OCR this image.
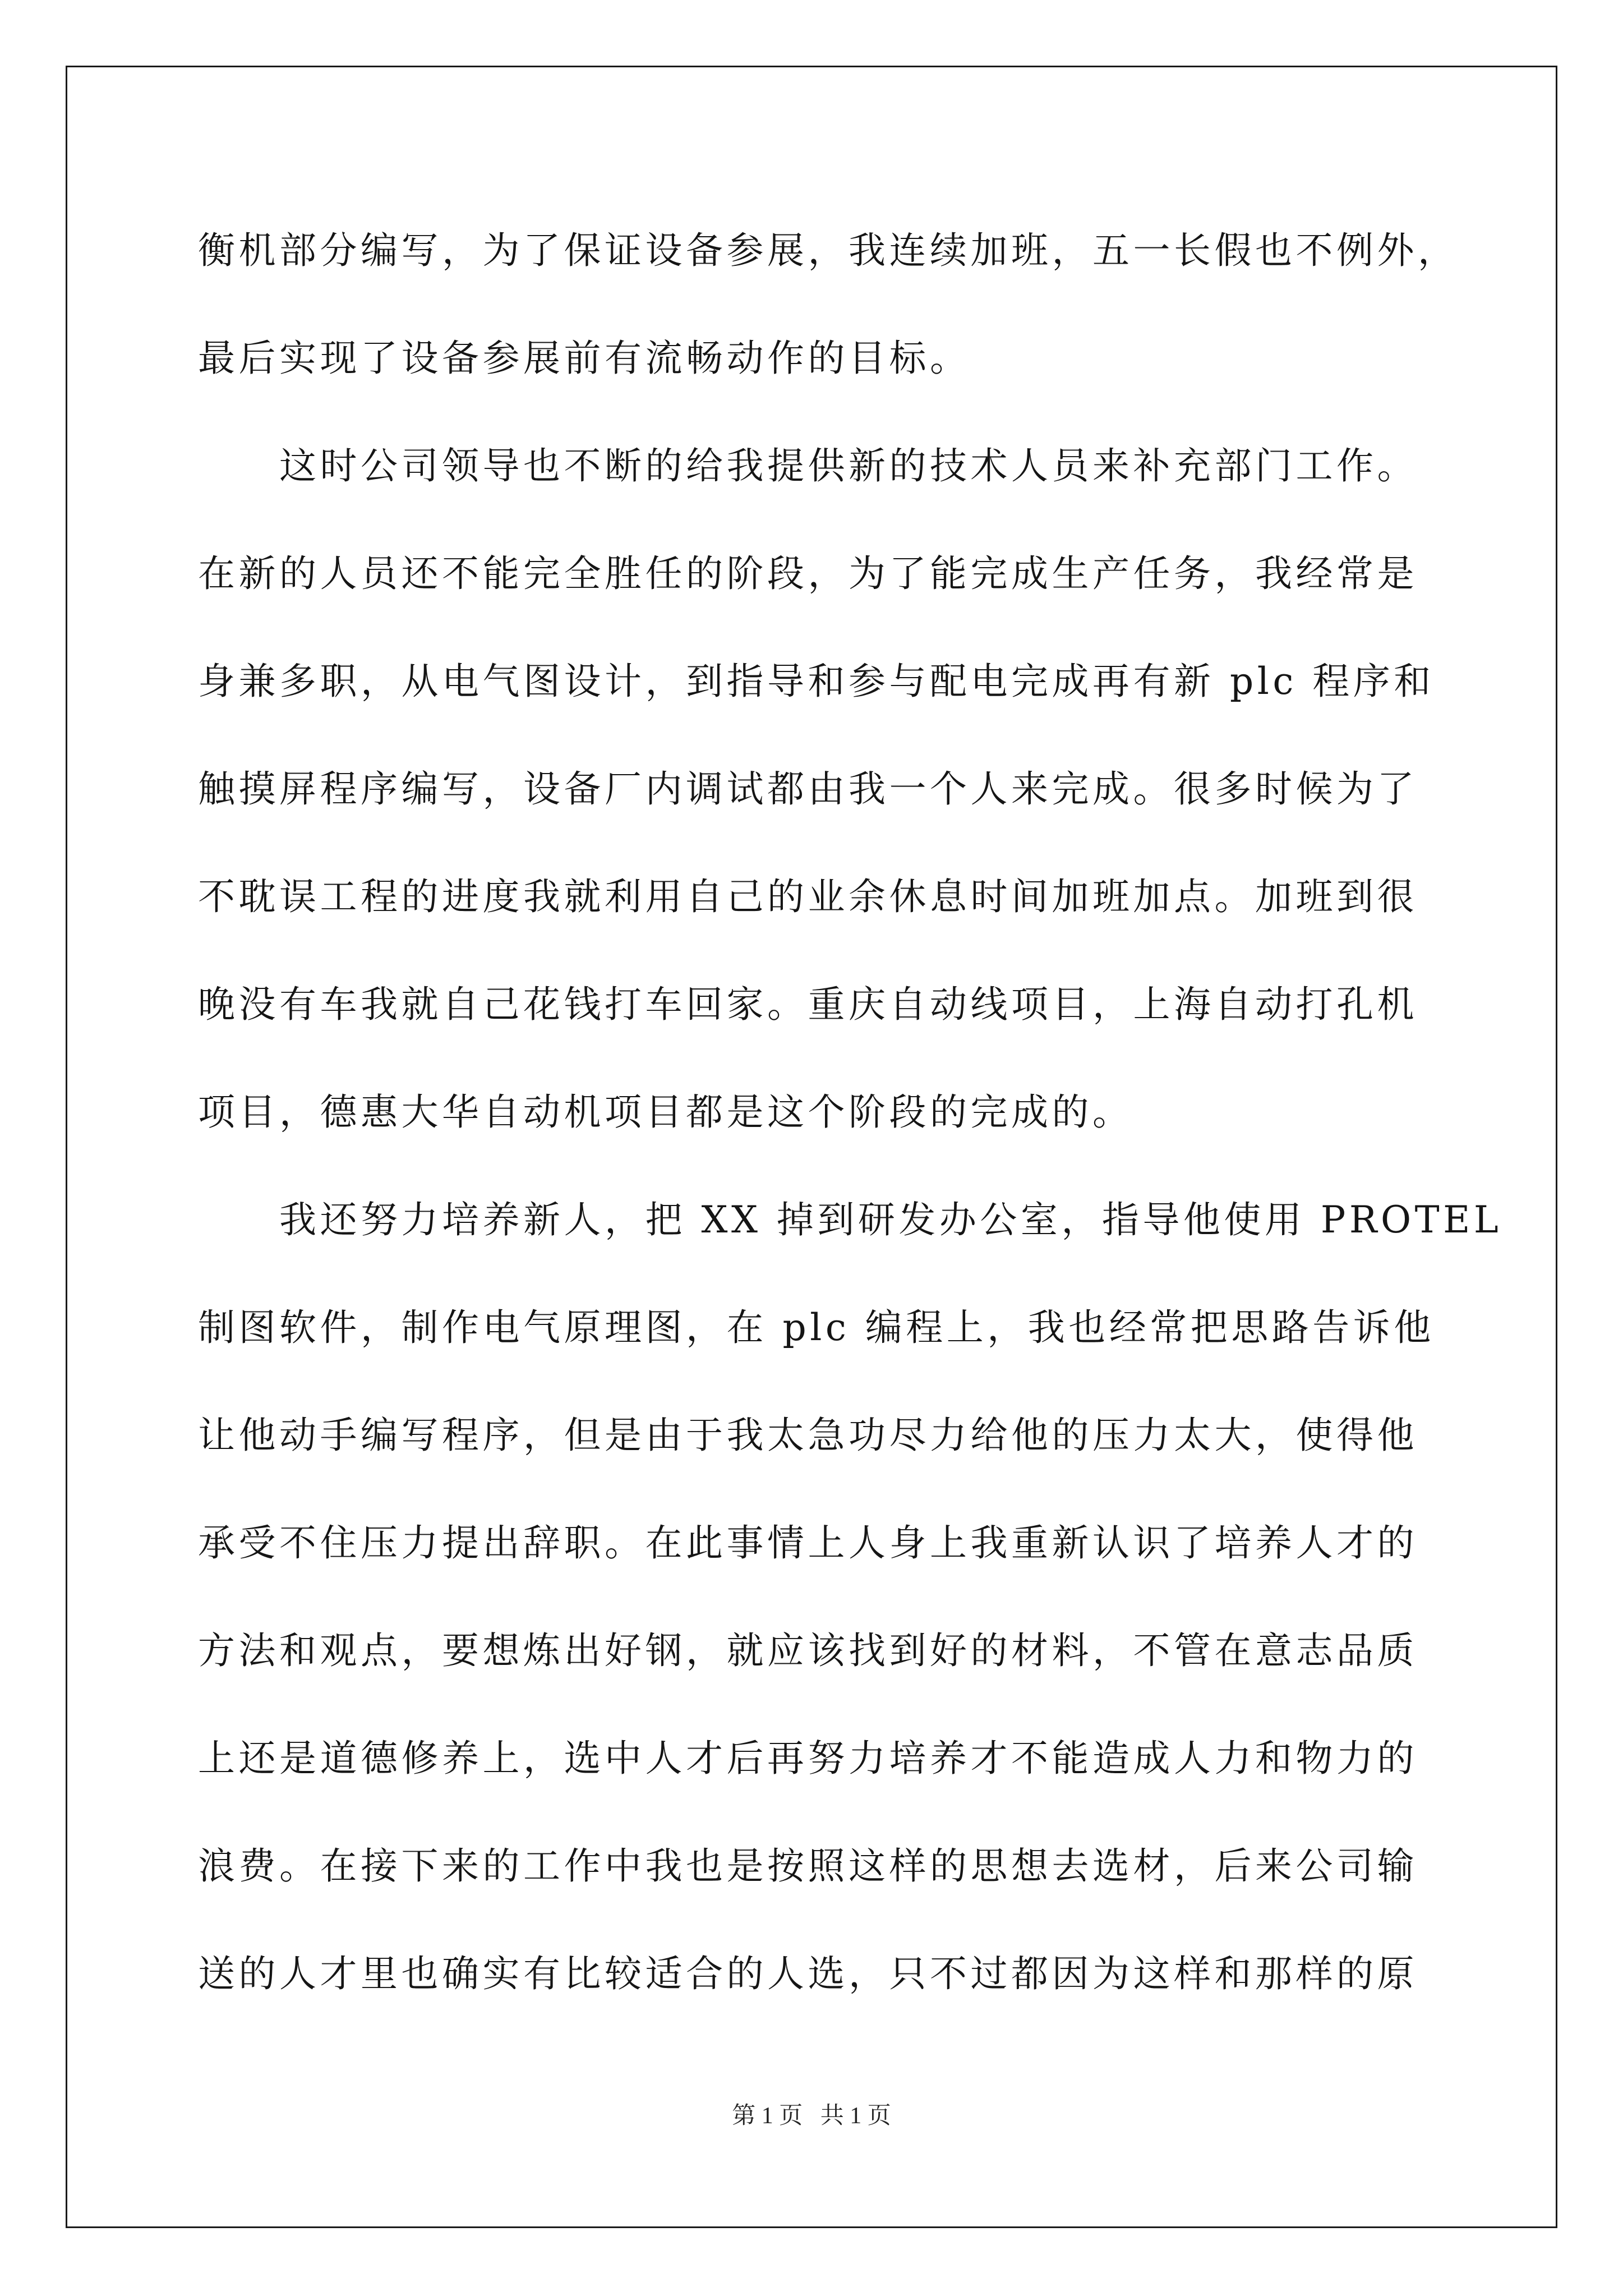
衡机部分编写，为了保证设备参展，我连续加班，五一长假也不例外，
最后实现了设备参展前有流畅动作的目标。
　　这时公司领导也不断的给我提供新的技术人员来补充部门工作。
在新的人员还不能完全胜任的阶段，为了能完成生产任务，我经常是
身兼多职，从电气图设计，到指导和参与配电完成再有新 plc 程序和
触摸屏程序编写，设备厂内调试都由我一个人来完成。很多时候为了
不耽误工程的进度我就利用自己的业余休息时间加班加点。加班到很
晚没有车我就自己花钱打车回家。重庆自动线项目，上海自动打孔机
项目，德惠大华自动机项目都是这个阶段的完成的。
　　我还努力培养新人，把 XX 掉到研发办公室，指导他使用 PROTEL
制图软件，制作电气原理图，在 plc 编程上，我也经常把思路告诉他
让他动手编写程序，但是由于我太急功尽力给他的压力太大，使得他
承受不住压力提出辞职。在此事情上人身上我重新认识了培养人才的
方法和观点，要想炼出好钢，就应该找到好的材料，不管在意志品质
上还是道德修养上，选中人才后再努力培养才不能造成人力和物力的
浪费。在接下来的工作中我也是按照这样的思想去选材，后来公司输
送的人才里也确实有比较适合的人选，只不过都因为这样和那样的原
第 1 页   共 1 页
